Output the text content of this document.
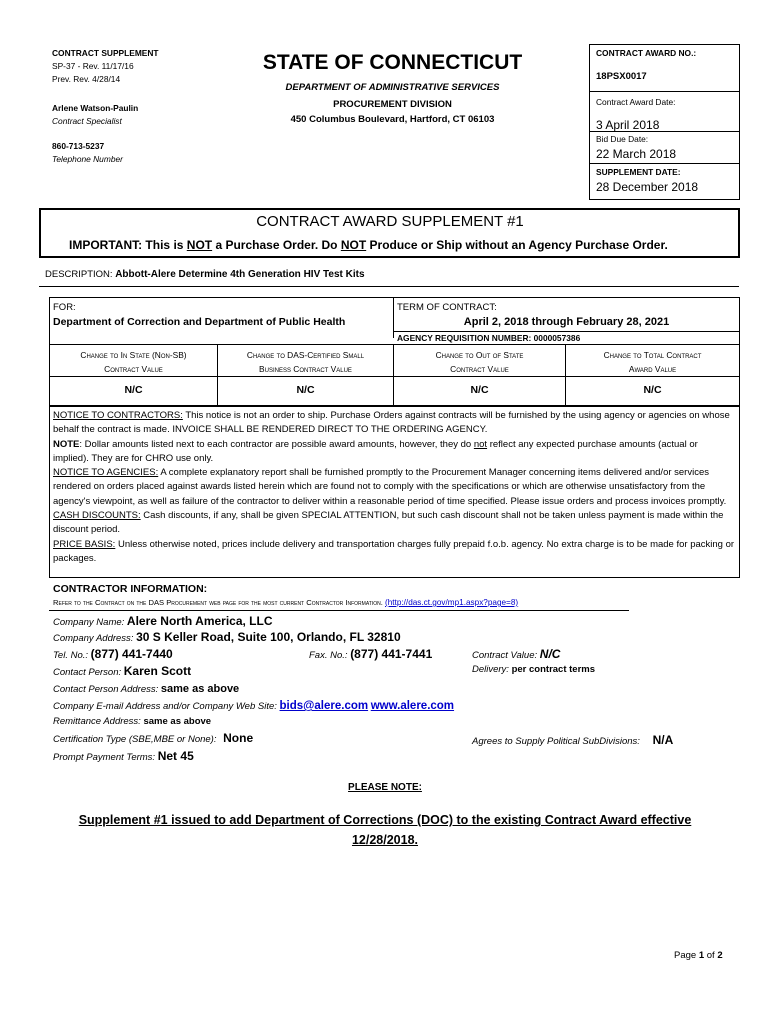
CONTRACT SUPPLEMENT
SP-37 - Rev. 11/17/16
Prev. Rev. 4/28/14
Arlene Watson-Paulin
Contract Specialist
860-713-5237
Telephone Number
STATE OF CONNECTICUT
DEPARTMENT OF ADMINISTRATIVE SERVICES
PROCUREMENT DIVISION
450 Columbus Boulevard, Hartford, CT 06103
CONTRACT AWARD NO.:
18PSX0017
Contract Award Date:
3 April 2018
Bid Due Date:
22 March 2018
SUPPLEMENT DATE:
28 December 2018
CONTRACT AWARD SUPPLEMENT #1
IMPORTANT: This is NOT a Purchase Order. Do NOT Produce or Ship without an Agency Purchase Order.
DESCRIPTION: Abbott-Alere Determine 4th Generation HIV Test Kits
FOR:
Department of Correction and Department of Public Health
TERM OF CONTRACT:
April 2, 2018 through February 28, 2021
AGENCY REQUISITION NUMBER: 0000057386
Change to In State (Non-SB)
Contract Value
Change to DAS-Certified Small
Business Contract Value
Change to Out of State
Contract Value
Change to Total Contract
Award Value
N/C	N/C	N/C	N/C

NOTICE TO CONTRACTORS: This notice is not an order to ship. Purchase Orders against contracts will be furnished by the using agency or agencies on whose behalf the contract is made. INVOICE SHALL BE RENDERED DIRECT TO THE ORDERING AGENCY.

NOTE: Dollar amounts listed next to each contractor are possible award amounts, however, they do not reflect any expected purchase amounts (actual or implied). They are for CHRO use only.

NOTICE TO AGENCIES: A complete explanatory report shall be furnished promptly to the Procurement Manager concerning items delivered and/or services rendered on orders placed against awards listed herein which are found not to comply with the specifications or which are otherwise unsatisfactory from the agency's viewpoint, as well as failure of the contractor to deliver within a reasonable period of time specified. Please issue orders and process invoices promptly.

CASH DISCOUNTS: Cash discounts, if any, shall be given SPECIAL ATTENTION, but such cash discount shall not be taken unless payment is made within the discount period.

PRICE BASIS: Unless otherwise noted, prices include delivery and transportation charges fully prepaid f.o.b. agency. No extra charge is to be made for packing or packages.

CONTRACTOR INFORMATION:
Refer to the Contract on the DAS Procurement web page for the most current Contractor Information. (http://das.ct.gov/mp1.aspx?page=8)
Company Name: Alere North America, LLC
Company Address: 30 S Keller Road, Suite 100, Orlando, FL 32810
Tel. No.: (877) 441-7440	Fax. No.: (877) 441-7441	Contract Value: N/C
Contact Person: Karen Scott	Delivery: per contract terms
Contact Person Address: same as above
Company E-mail Address and/or Company Web Site: bids@alere.com www.alere.com
Remittance Address: same as above
Certification Type (SBE,MBE or None): None	Agrees to Supply Political SubDivisions: N/A
Prompt Payment Terms: Net 45
PLEASE NOTE:
Supplement #1 issued to add Department of Corrections (DOC) to the existing Contract Award effective
12/28/2018.
Page 1 of 2
